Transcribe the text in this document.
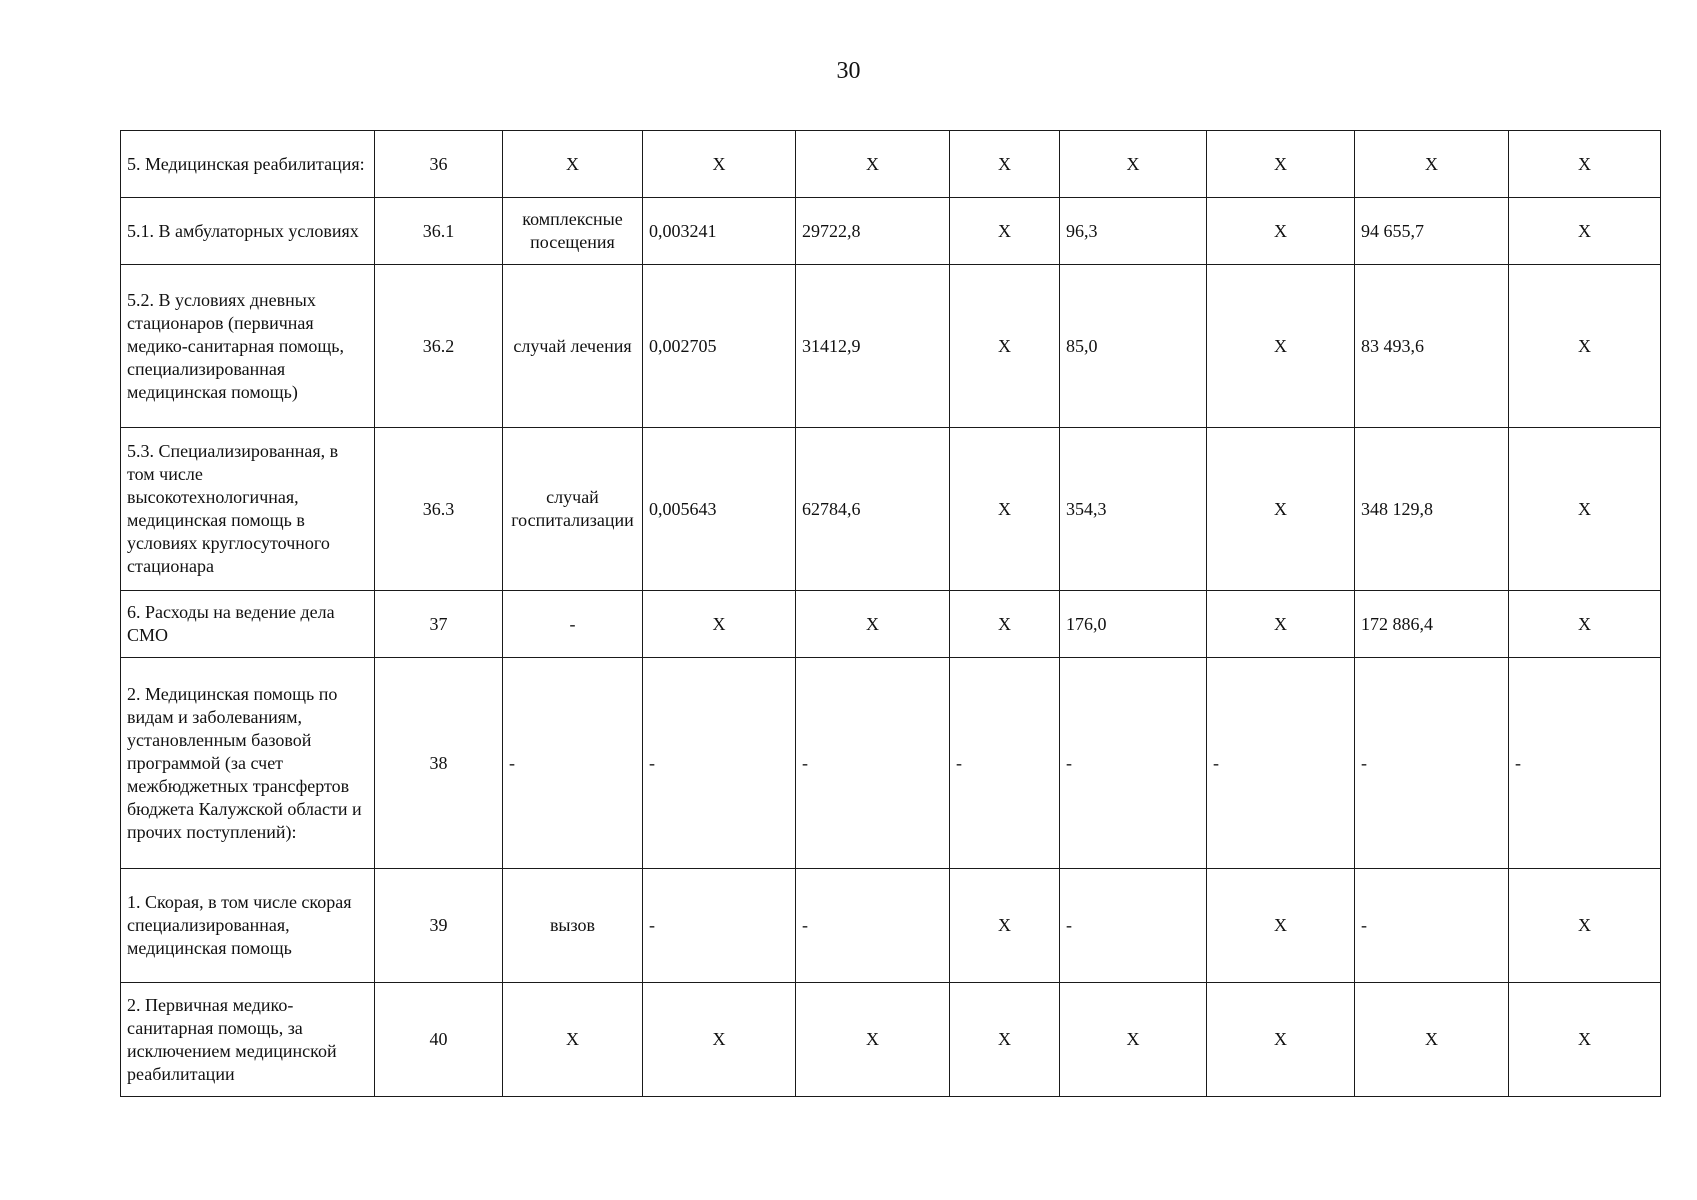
30
5. Медицинская реабилитация:	36	Х	Х	Х	Х	Х	Х	Х	Х
5.1. В амбулаторных условиях	36.1	комплексные посещения	0,003241	29722,8	Х	96,3	Х	94 655,7	Х
5.2. В условиях дневных стационаров (первичная медико-санитарная помощь, специализированная медицинская помощь)	36.2	случай лечения	0,002705	31412,9	Х	85,0	Х	83 493,6	Х
5.3. Специализированная, в том числе высокотехнологичная, медицинская помощь в условиях круглосуточного стационара	36.3	случай госпитализации	0,005643	62784,6	Х	354,3	Х	348 129,8	Х
6. Расходы на ведение дела СМО	37	-	Х	Х	Х	176,0	Х	172 886,4	Х
2. Медицинская помощь по видам и заболеваниям, установленным базовой программой (за счет межбюджетных трансфертов бюджета Калужской области и прочих поступлений):	38	-	-	-	-	-	-	-	-
1. Скорая, в том числе скорая специализированная, медицинская помощь	39	вызов	-	-	Х	-	Х	-	Х
2. Первичная медико-санитарная помощь, за исключением медицинской реабилитации	40	Х	Х	Х	Х	Х	Х	Х	Х
